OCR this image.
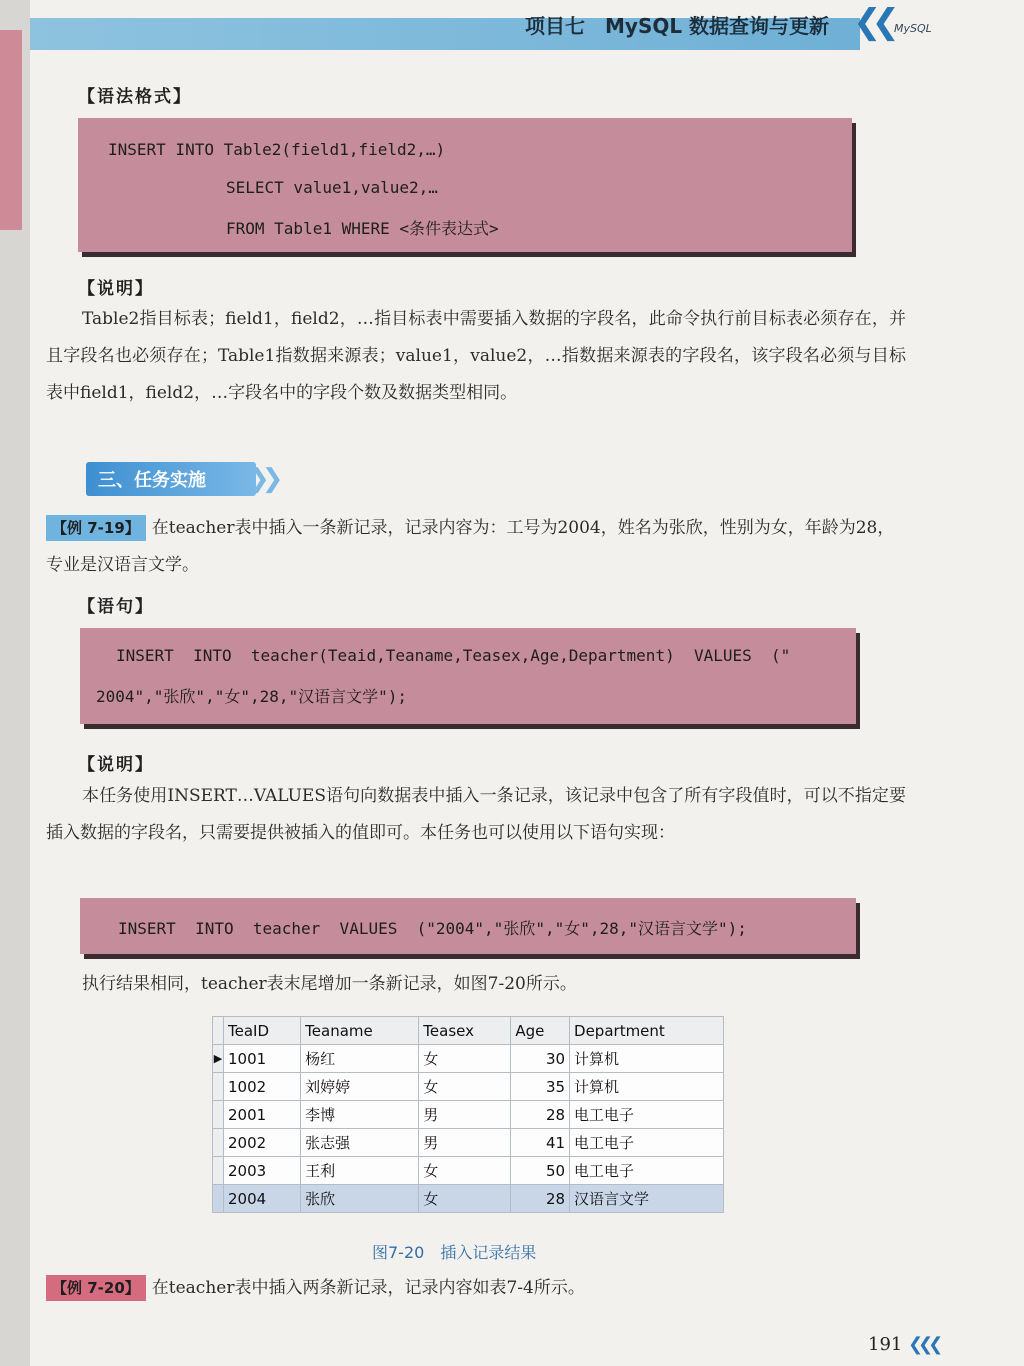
项目七　MySQL 数据查询与更新 ❮❮ MySQL
【语法格式】
INSERT INTO Table2(field1,field2,…)
SELECT value1,value2,…
FROM Table1 WHERE <条件表达式>
【说明】
Table2指目标表；field1，field2，…指目标表中需要插入数据的字段名，此命令执行前目标表必须存在，并且字段名也必须存在；Table1指数据来源表；value1，value2，…指数据来源表的字段名，该字段名必须与目标表中field1，field2，…字段名中的字段个数及数据类型相同。
三、任务实施 ❯❯
【例 7-19】 在teacher表中插入一条新记录，记录内容为：工号为2004，姓名为张欣，性别为女，年龄为28，专业是汉语言文学。
【语句】
INSERT  INTO  teacher(Teaid,Teaname,Teasex,Age,Department)  VALUES  ("
2004","张欣","女",28,"汉语言文学");
【说明】
本任务使用INSERT…VALUES语句向数据表中插入一条记录，该记录中包含了所有字段值时，可以不指定要插入数据的字段名，只需要提供被插入的值即可。本任务也可以使用以下语句实现：
INSERT  INTO  teacher  VALUES  ("2004","张欣","女",28,"汉语言文学");
执行结果相同，teacher表末尾增加一条新记录，如图7-20所示。
	TeaID	Teaname	Teasex	Age	Department
▶	1001	杨红	女	30	计算机
	1002	刘婷婷	女	35	计算机
	2001	李博	男	28	电工电子
	2002	张志强	男	41	电工电子
	2003	王利	女	50	电工电子
	2004	张欣	女	28	汉语言文学
图7-20　插入记录结果
【例 7-20】 在teacher表中插入两条新记录，记录内容如表7-4所示。
191 ❮❮❮
